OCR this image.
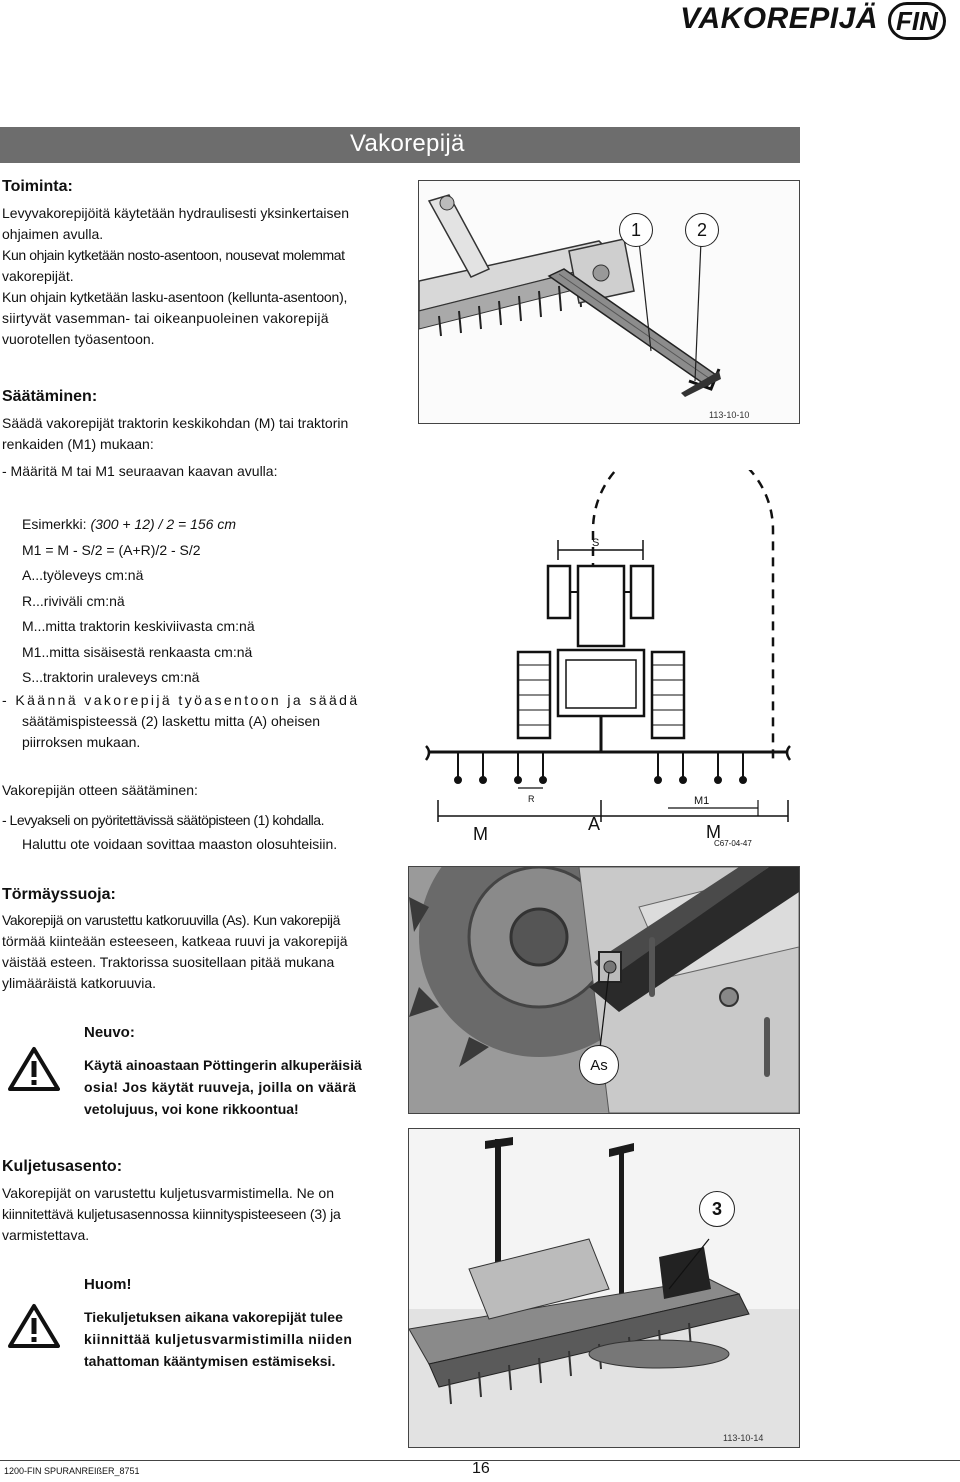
VAKOREPIJÄ FIN
Vakorepijä
Toiminta:
Levyvakorepijöitä käytetään hydraulisesti yksinkertaisen
ohjaimen avulla.
Kun ohjain kytketään nosto-asentoon, nousevat molemmat
vakorepijät.
Kun ohjain kytketään lasku-asentoon (kellunta-asentoon),
siirtyvät vasemman- tai oikeanpuoleinen vakorepijä
vuorotellen työasentoon.
Säätäminen:
Säädä vakorepijät traktorin keskikohdan (M) tai traktorin
renkaiden (M1) mukaan:
- Määritä M tai M1 seuraavan kaavan avulla:
Esimerkki: (300 + 12) / 2 = 156 cm
M1 = M - S/2 = (A+R)/2 - S/2
A...työleveys cm:nä
R...riviväli cm:nä
M...mitta traktorin keskiviivasta cm:nä
M1..mitta sisäisestä renkaasta cm:nä
S...traktorin uraleveys cm:nä
- Käännä vakorepijä työasentoon ja säädä
säätämispisteessä (2) laskettu mitta (A) oheisen
piirroksen mukaan.
Vakorepijän otteen säätäminen:
- Levyakseli on pyöritettävissä säätöpisteen (1) kohdalla.
Haluttu ote voidaan sovittaa maaston olosuhteisiin.
Törmäyssuoja:
Vakorepijä on varustettu katkoruuvilla (As). Kun vakorepijä
törmää kiinteään esteeseen, katkeaa ruuvi ja vakorepijä
väistää esteen. Traktorissa suositellaan pitää mukana
ylimääräistä katkoruuvia.
Neuvo:
Käytä ainoastaan Pöttingerin alkuperäisiä
osia! Jos käytät ruuveja, joilla on väärä
vetolujuus, voi kone rikkoontua!
Kuljetusasento:
Vakorepijät on varustettu kuljetusvarmistimella. Ne on
kiinnitettävä kuljetusasennossa kiinnityspisteeseen (3) ja
varmistettava.
Huom!
Tiekuljetuksen aikana vakorepijät tulee
kiinnittää kuljetusvarmistimilla niiden
tahattoman kääntymisen estämiseksi.
113-10-10
1	2
S
M
R
A
M1
M
C67-04-47
As
113-10-14
3
1200-FIN SPURANREIßER_8751	16
